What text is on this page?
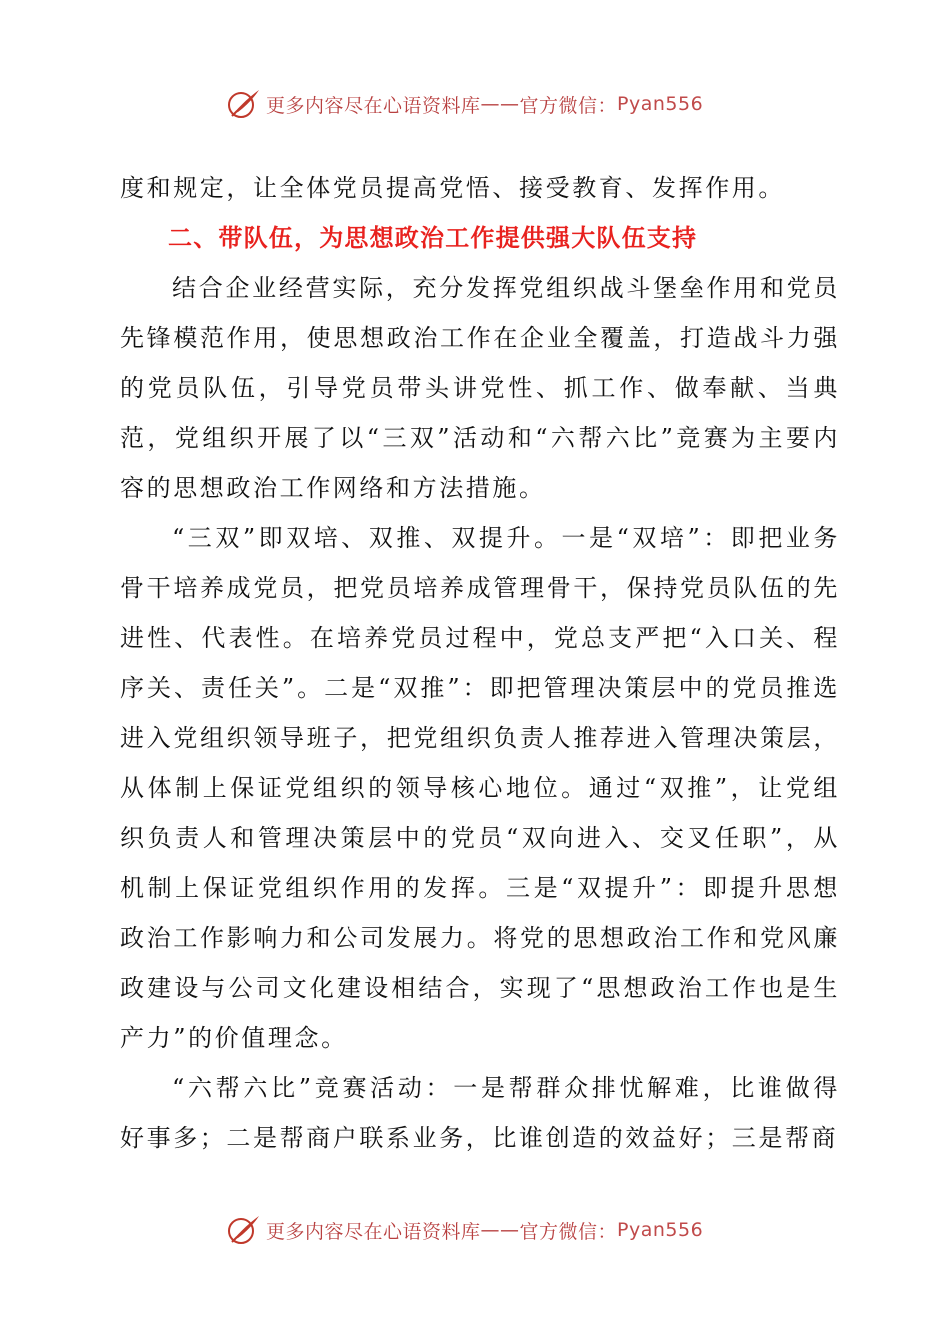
更多内容尽在心语资料库 —— 官方微信： Pyan556

度和规定，让全体党员提高党悟、接受教育、发挥作用。

二、带队伍，为思想政治工作提供强大队伍支持

结合企业经营实际，充分发挥党组织战斗堡垒作用和党员先锋模范作用，使思想政治工作在企业全覆盖，打造战斗力强的党员队伍，引导党员带头讲党性、抓工作、做奉献、当典范，党组织开展了以“三双”活动和“六帮六比”竞赛为主要内容的思想政治工作网络和方法措施。

“三双”即双培、双推、双提升。一是“双培”：即把业务骨干培养成党员，把党员培养成管理骨干，保持党员队伍的先进性、代表性。在培养党员过程中，党总支严把“入口关、程序关、责任关”。二是“双推”：即把管理决策层中的党员推选进入党组织领导班子，把党组织负责人推荐进入管理决策层，从体制上保证党组织的领导核心地位。通过“双推”，让党组织负责人和管理决策层中的党员“双向进入、交叉任职”，从机制上保证党组织作用的发挥。三是“双提升”：即提升思想政治工作影响力和公司发展力。将党的思想政治工作和党风廉政建设与公司文化建设相结合，实现了“思想政治工作也是生产力”的价值理念。

“六帮六比”竞赛活动：一是帮群众排忧解难，比谁做得好事多；二是帮商户联系业务，比谁创造的效益好；三是帮商

更多内容尽在心语资料库 —— 官方微信： Pyan556
